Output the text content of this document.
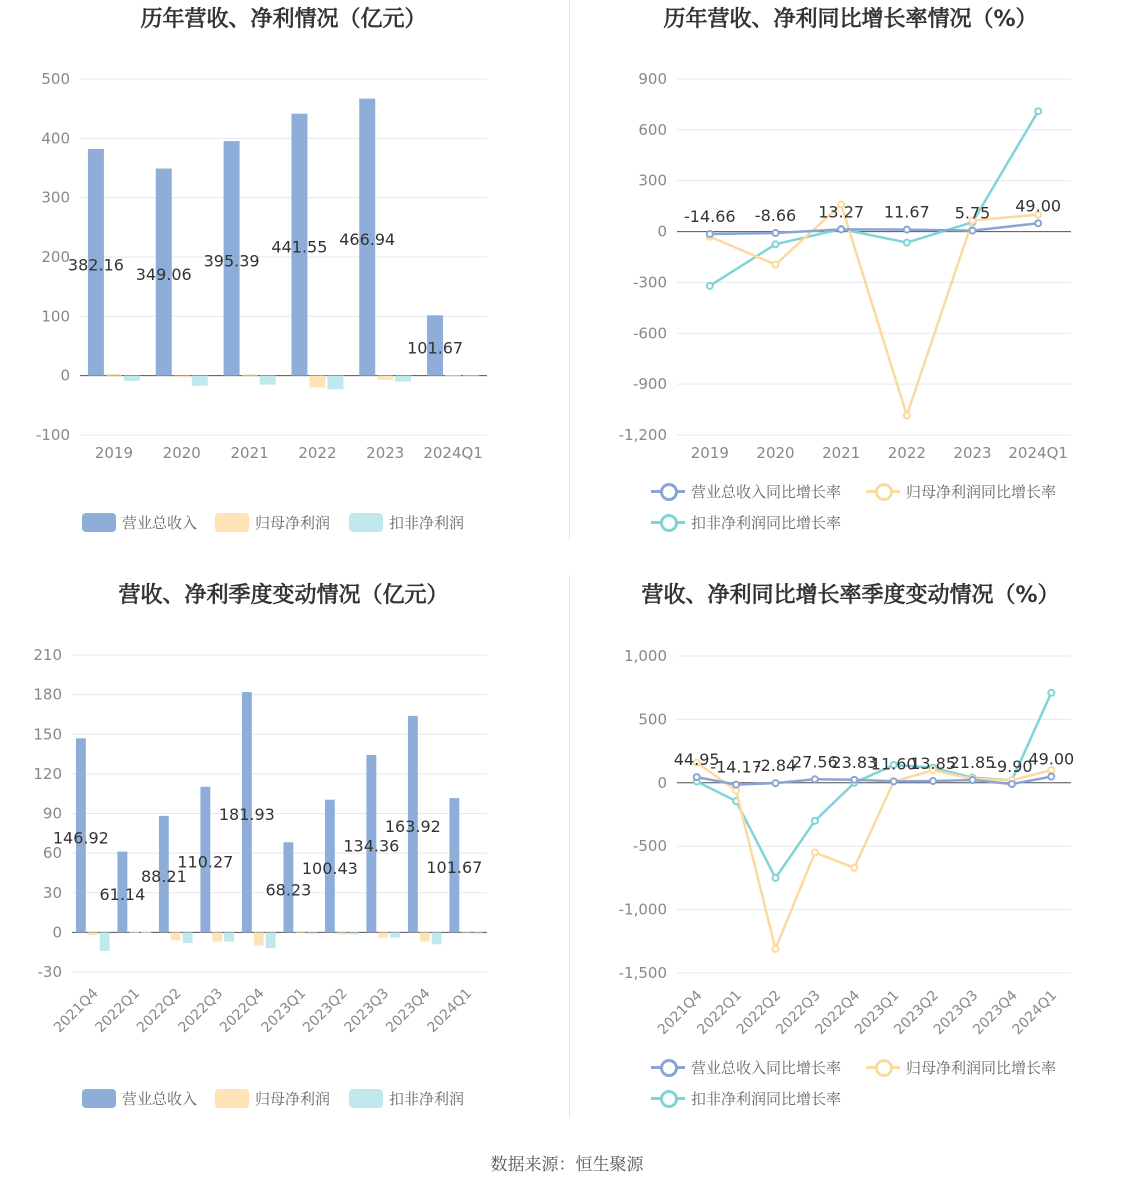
历年营收、净利情况（亿元）
-100
0
100
200
300
400
500
2019 2020 2021 2022 2023 2024Q1
382.16
349.06
395.39
441.55 466.94
101.67
营业总收入	归母净利润	扣非净利润
历年营收、净利同比增长率情况（%）
-1,200
-900
-600
-300
0
300
600
900
2019 2020 2021 2022 2023 2024Q1
-14.66 -8.66 13.27 11.67 5.75 49.00
营业总收入同比增长率	归母净利润同比增长率
扣非净利润同比增长率
营收、净利季度变动情况（亿元）
-30
0
30
60
90
120
150
180
210
2021Q4
2022Q1
2022Q2
2022Q3
2022Q4
2023Q1
2023Q2
2023Q3
2023Q4
2024Q1
146.92
61.14
88.21
110.27
181.93
68.23
100.43
134.36
163.92
101.67
营业总收入	归母净利润	扣非净利润
营收、净利同比增长率季度变动情况（%）
-1,500
-1,000
-500
0
500
1,000
2021Q4
2022Q1
2022Q2
2022Q3
2022Q4
2023Q1
2023Q2
2023Q3
2023Q4
2024Q1
44.95
-14.17
-2.84
27.56
23.83
11.60
13.85
21.85
-9.90
49.00
营业总收入同比增长率	归母净利润同比增长率
扣非净利润同比增长率
数据来源：恒生聚源
